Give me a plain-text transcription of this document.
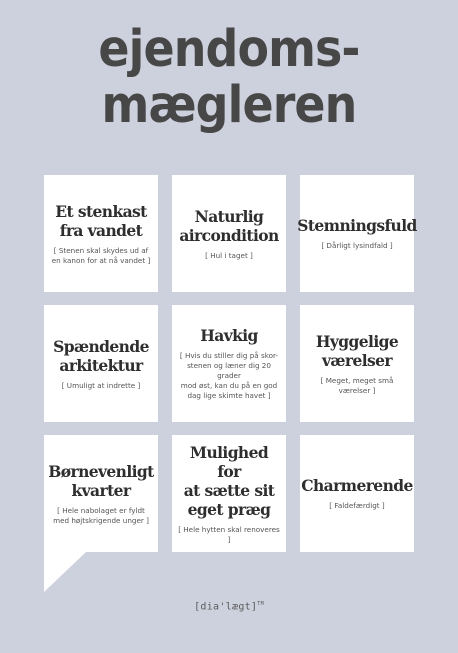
ejendoms-
mægleren
Et stenkast
fra vandet
[ Stenen skal skydes ud af
en kanon for at nå vandet ]
Naturlig
aircondition
[ Hul i taget ]
Stemningsfuld
[ Dårligt lysindfald ]
Spændende
arkitektur
[ Umuligt at indrette ]
Havkig
[ Hvis du stiller dig på skor-
stenen og læner dig 20 grader
mod øst, kan du på en god
dag lige skimte havet ]
Hyggelige
værelser
[ Meget, meget små værelser ]
Børnevenligt
kvarter
[ Hele nabolaget er fyldt
med højtskrigende unger ]
Mulighed for
at sætte sit
eget præg
[ Hele hytten skal renoveres ]
Charmerende
[ Faldefærdigt ]
[dia'lægt]™
